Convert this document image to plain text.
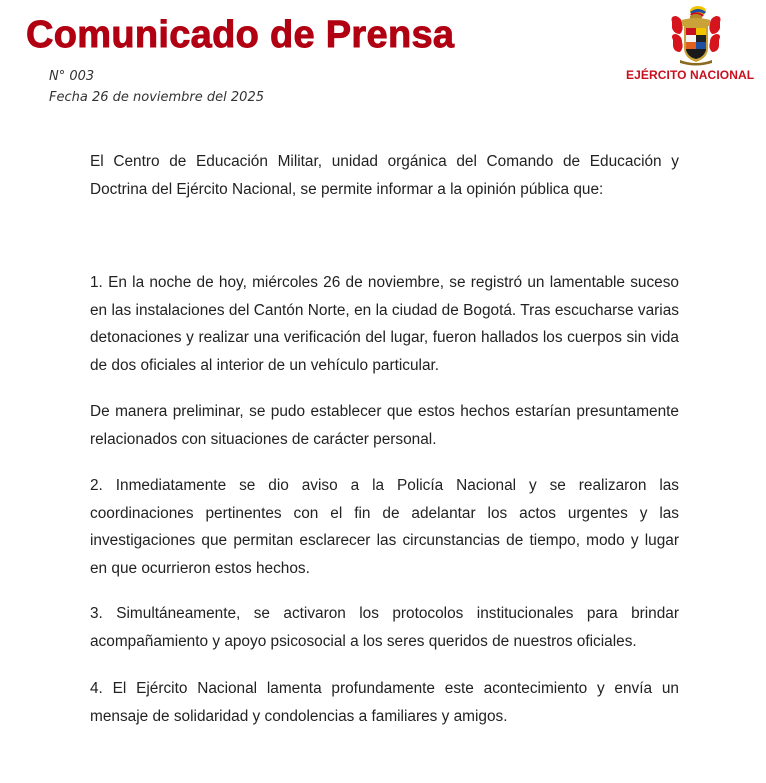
Comunicado de Prensa
N° 003
Fecha 26 de noviembre del 2025
EJÉRCITO NACIONAL

El Centro de Educación Militar, unidad orgánica del Comando de Educación y Doctrina del Ejército Nacional, se permite informar a la opinión pública que:

1. En la noche de hoy, miércoles 26 de noviembre, se registró un lamentable suceso en las instalaciones del Cantón Norte, en la ciudad de Bogotá. Tras escucharse varias detonaciones y realizar una verificación del lugar, fueron hallados los cuerpos sin vida de dos oficiales al interior de un vehículo particular.

De manera preliminar, se pudo establecer que estos hechos estarían presuntamente relacionados con situaciones de carácter personal.

2. Inmediatamente se dio aviso a la Policía Nacional y se realizaron las coordinaciones pertinentes con el fin de adelantar los actos urgentes y las investigaciones que permitan esclarecer las circunstancias de tiempo, modo y lugar en que ocurrieron estos hechos.

3. Simultáneamente, se activaron los protocolos institucionales para brindar acompañamiento y apoyo psicosocial a los seres queridos de nuestros oficiales.

4. El Ejército Nacional lamenta profundamente este acontecimiento y envía un mensaje de solidaridad y condolencias a familiares y amigos.
